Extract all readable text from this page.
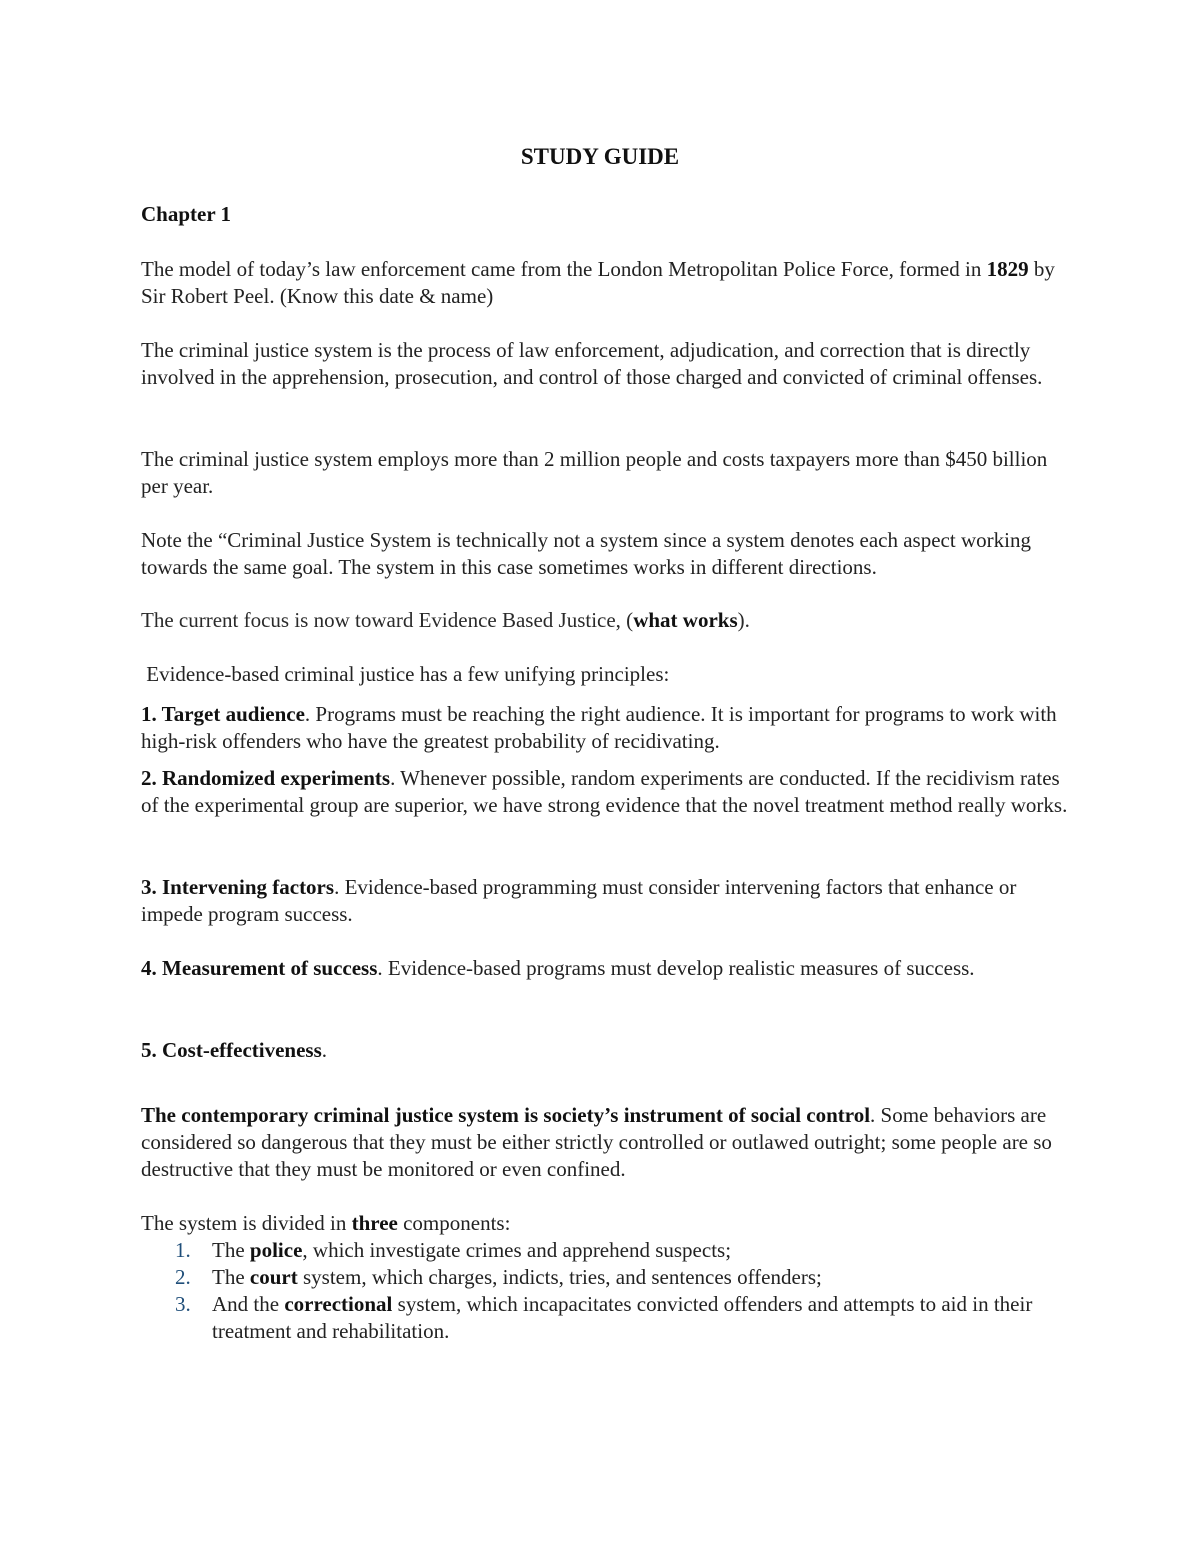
STUDY GUIDE
Chapter 1

The model of today’s law enforcement came from the London Metropolitan Police Force, formed in 1829 by Sir Robert Peel. (Know this date & name)

The criminal justice system is the process of law enforcement, adjudication, and correction that is directly involved in the apprehension, prosecution, and control of those charged and convicted of criminal offenses.

The criminal justice system employs more than 2 million people and costs taxpayers more than $450 billion per year.

Note the “Criminal Justice System is technically not a system since a system denotes each aspect working towards the same goal. The system in this case sometimes works in different directions.

The current focus is now toward Evidence Based Justice, (what works).

Evidence-based criminal justice has a few unifying principles:

1. Target audience. Programs must be reaching the right audience. It is important for programs to work with high-risk offenders who have the greatest probability of recidivating.

2. Randomized experiments. Whenever possible, random experiments are conducted. If the recidivism rates of the experimental group are superior, we have strong evidence that the novel treatment method really works.

3. Intervening factors. Evidence-based programming must consider intervening factors that enhance or impede program success.

4. Measurement of success. Evidence-based programs must develop realistic measures of success.

5. Cost-effectiveness.

The contemporary criminal justice system is society’s instrument of social control. Some behaviors are considered so dangerous that they must be either strictly controlled or outlawed outright; some people are so destructive that they must be monitored or even confined.

The system is divided in three components:

1. The police, which investigate crimes and apprehend suspects;
2. The court system, which charges, indicts, tries, and sentences offenders;
3. And the correctional system, which incapacitates convicted offenders and attempts to aid in their treatment and rehabilitation.
